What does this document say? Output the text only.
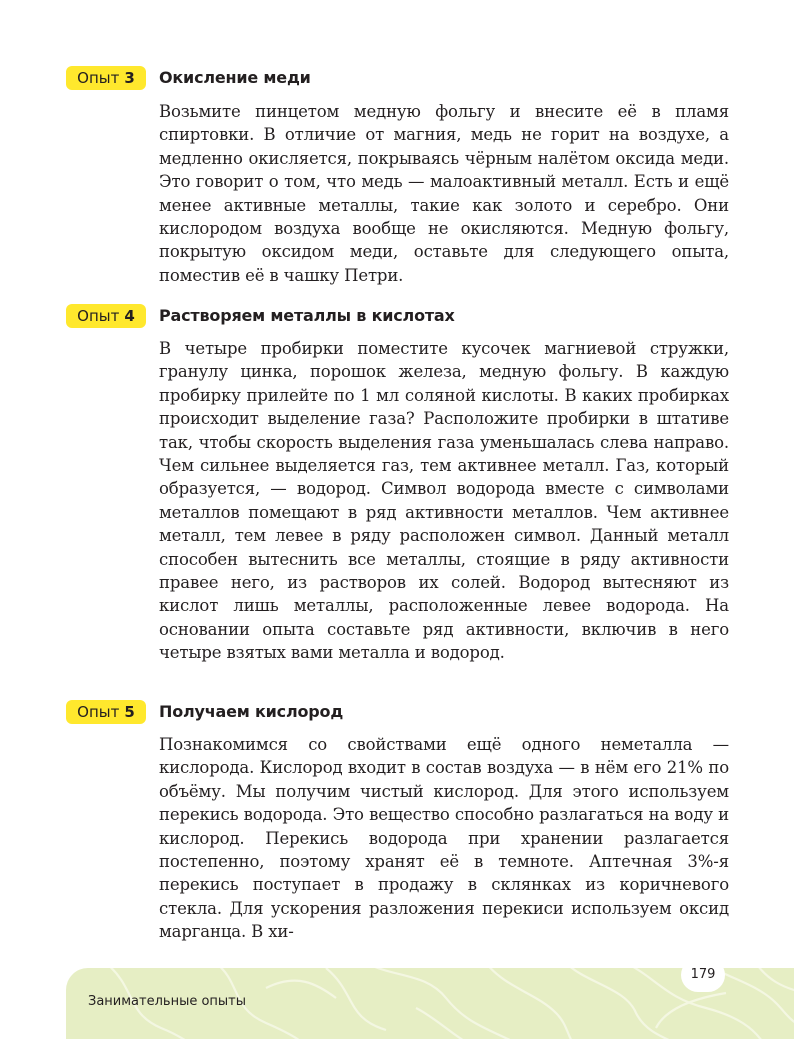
Опыт 3	Окисление меди

Возьмите пинцетом медную фольгу и внесите её в пламя спиртовки. В отличие от магния, медь не горит на воздухе, а медленно окисляется, покрываясь чёрным налётом оксида меди. Это говорит о том, что медь — малоактивный металл. Есть и ещё менее активные металлы, такие как золото и серебро. Они кислородом воздуха вообще не окисляются. Медную фольгу, покрытую оксидом меди, оставьте для следующего опыта, поместив её в чашку Петри.

Опыт 4	Растворяем металлы в кислотах

В четыре пробирки поместите кусочек магниевой стружки, гранулу цинка, порошок железа, медную фольгу. В каждую пробирку прилейте по 1 мл соляной кислоты. В каких пробирках происходит выделение газа? Расположите пробирки в штативе так, чтобы скорость выделения газа уменьшалась слева направо. Чем сильнее выделяется газ, тем активнее металл. Газ, который образуется, — водород. Символ водорода вместе с символами металлов помещают в ряд активности металлов. Чем активнее металл, тем левее в ряду расположен символ. Данный металл способен вытеснить все металлы, стоящие в ряду активности правее него, из растворов их солей. Водород вытесняют из кислот лишь металлы, расположенные левее водорода. На основании опыта составьте ряд активности, включив в него четыре взятых вами металла и водород.

Опыт 5	Получаем кислород

Познакомимся со свойствами ещё одного неметалла — кислорода. Кислород входит в состав воздуха — в нём его 21% по объёму. Мы получим чистый кислород. Для этого используем перекись водорода. Это вещество способно разлагаться на воду и кислород. Перекись водорода при хранении разлагается постепенно, поэтому хранят её в темноте. Аптечная 3%-я перекись поступает в продажу в склянках из коричневого стекла. Для ускорения разложения перекиси используем оксид марганца. В хи-

Занимательные опыты
179
